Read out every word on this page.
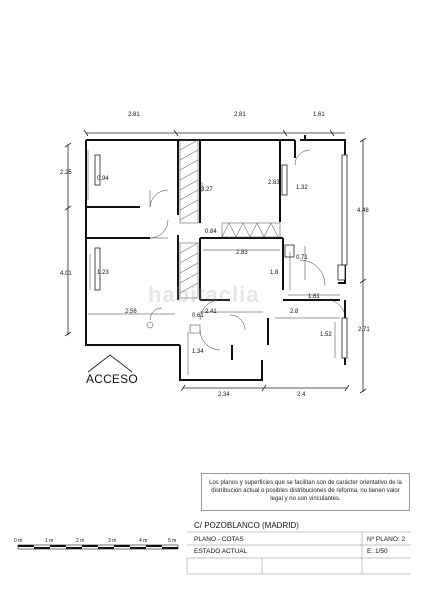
2.81	2.81	1.61
2.25
4.01
4.48
2.71
2.34	2.4
0.94
3.27
2.83
1.32
0.84
2.83
0.71
1.23	1.8
1.61
2.56	2.41
0.61
2.8
1.52
1.34
habitaclia
ACCESO
Los planos y superficies que se facilitan son de carácter orientativo de la distribución actual o posibles distribuciones de reforma, no tienen valor legal y no son vinculantes.
C/ POZOBLANCO (MADRID)
PLANO - COTAS	Nº PLANO: 2
ESTADO ACTUAL	E: 1/50
0 m	1 m	2 m	3 m	4 m	5 m
